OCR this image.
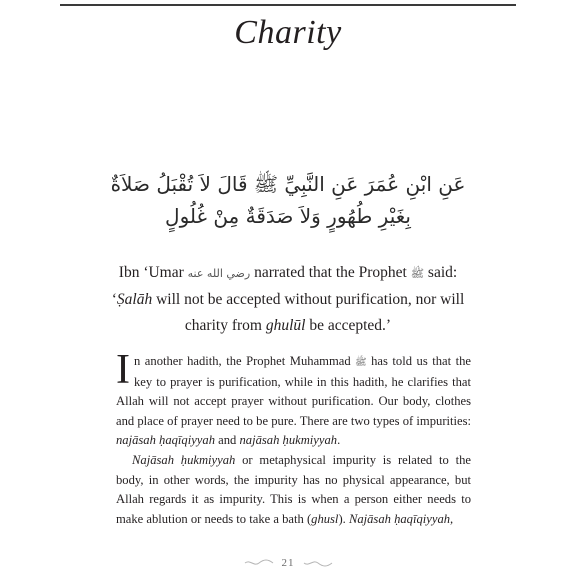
Charity
عَنِ ابْنِ عُمَرَ عَنِ النَّبِيِّ ﷺ قَالَ لاَ تُقْبَلُ صَلاَةٌ بِغَيْرِ طُهُورٍ وَلاَ صَدَقَةٌ مِنْ غُلُولٍ
Ibn ‘Umar رضي الله عنه narrated that the Prophet ﷺ said: ‘Ṣalāh will not be accepted without purification, nor will charity from ghulūl be accepted.’

In another hadith, the Prophet Muhammad ﷺ has told us that the key to prayer is purification, while in this hadith, he clarifies that Allah will not accept prayer without purification. Our body, clothes and place of prayer need to be pure. There are two types of impurities: najāsah ḥaqīqiyyah and najāsah ḥukmiyyah.

Najāsah ḥukmiyyah or metaphysical impurity is related to the body, in other words, the impurity has no physical appearance, but Allah regards it as impurity. This is when a person either needs to make ablution or needs to take a bath (ghusl). Najāsah ḥaqīqiyyah,

21
